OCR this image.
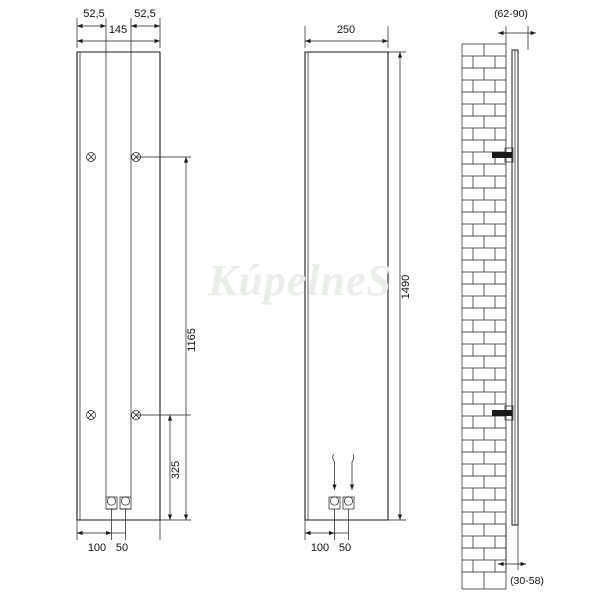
52,5	52,5
145
1165
325
100 50
250
1490
100 50
(62-90)
(30-58)
KúpelneS
